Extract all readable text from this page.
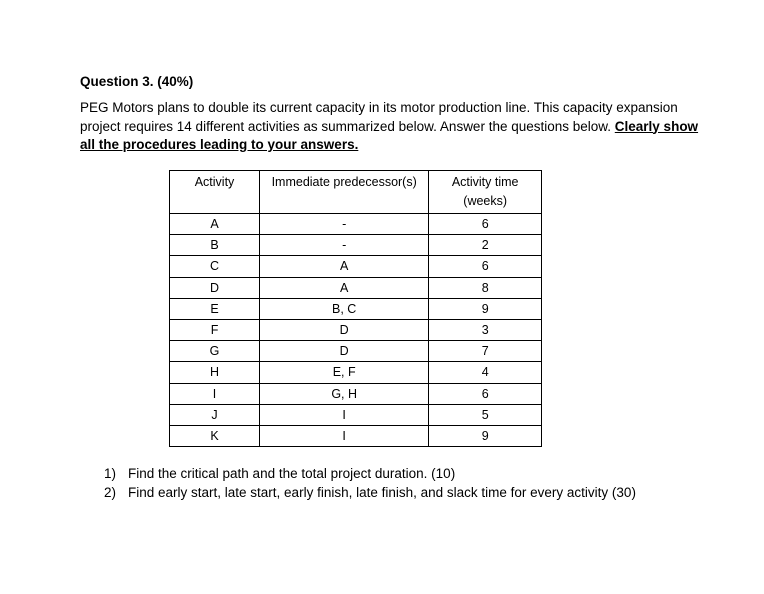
Question 3. (40%)

PEG Motors plans to double its current capacity in its motor production line. This capacity expansion project requires 14 different activities as summarized below. Answer the questions below. Clearly show all the procedures leading to your answers.

Activity	Immediate predecessor(s)	Activity time (weeks)
A	-	6
B	-	2
C	A	6
D	A	8
E	B, C	9
F	D	3
G	D	7
H	E, F	4
I	G, H	6
J	I	5
K	I	9
1) Find the critical path and the total project duration. (10)
2) Find early start, late start, early finish, late finish, and slack time for every activity (30)
